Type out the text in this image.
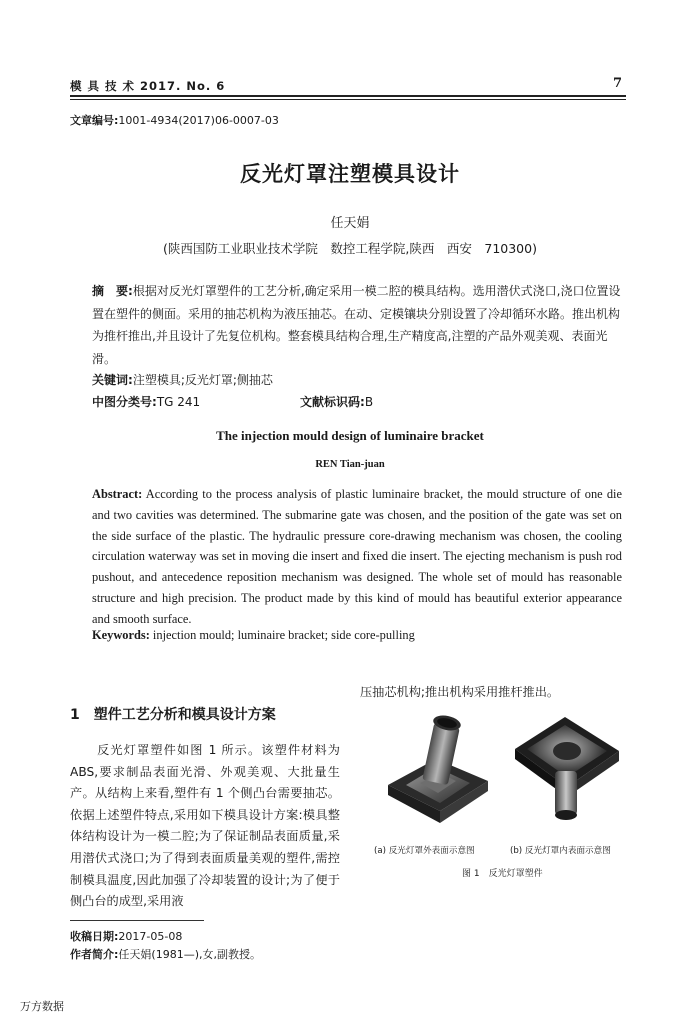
模 具 技 术 2017. No. 6	7
文章编号:1001-4934(2017)06-0007-03
反光灯罩注塑模具设计
任天娟
(陕西国防工业职业技术学院　数控工程学院,陕西　西安　710300)
摘　要:根据对反光灯罩塑件的工艺分析,确定采用一模二腔的模具结构。选用潜伏式浇口,浇口位置设置在塑件的侧面。采用的抽芯机构为液压抽芯。在动、定模镶块分别设置了冷却循环水路。推出机构为推杆推出,并且设计了先复位机构。整套模具结构合理,生产精度高,注塑的产品外观美观、表面光滑。
关键词:注塑模具;反光灯罩;侧抽芯
中图分类号:TG 241	文献标识码:B
The injection mould design of luminaire bracket
REN Tian-juan
Abstract: According to the process analysis of plastic luminaire bracket, the mould structure of one die and two cavities was determined. The submarine gate was chosen, and the position of the gate was set on the side surface of the plastic. The hydraulic pressure core-drawing mechanism was chosen, the cooling circulation waterway was set in moving die insert and fixed die insert. The ejecting mechanism is push rod pushout, and antecedence reposition mechanism was designed. The whole set of mould has reasonable structure and high precision. The product made by this kind of mould has beautiful exterior appearance and smooth surface.
Keywords: injection mould; luminaire bracket; side core-pulling
1 塑件工艺分析和模具设计方案
反光灯罩塑件如图 1 所示。该塑件材料为 ABS,要求制品表面光滑、外观美观、大批量生产。从结构上来看,塑件有 1 个侧凸台需要抽芯。依据上述塑件特点,采用如下模具设计方案:模具整体结构设计为一模二腔;为了保证制品表面质量,采用潜伏式浇口;为了得到表面质量美观的塑件,需控制模具温度,因此加强了冷却装置的设计;为了便于侧凸台的成型,采用液
压抽芯机构;推出机构采用推杆推出。
(a) 反光灯罩外表面示意图	(b) 反光灯罩内表面示意图
图 1　反光灯罩塑件
收稿日期:2017-05-08
作者简介:任天娟(1981—),女,副教授。
万方数据
